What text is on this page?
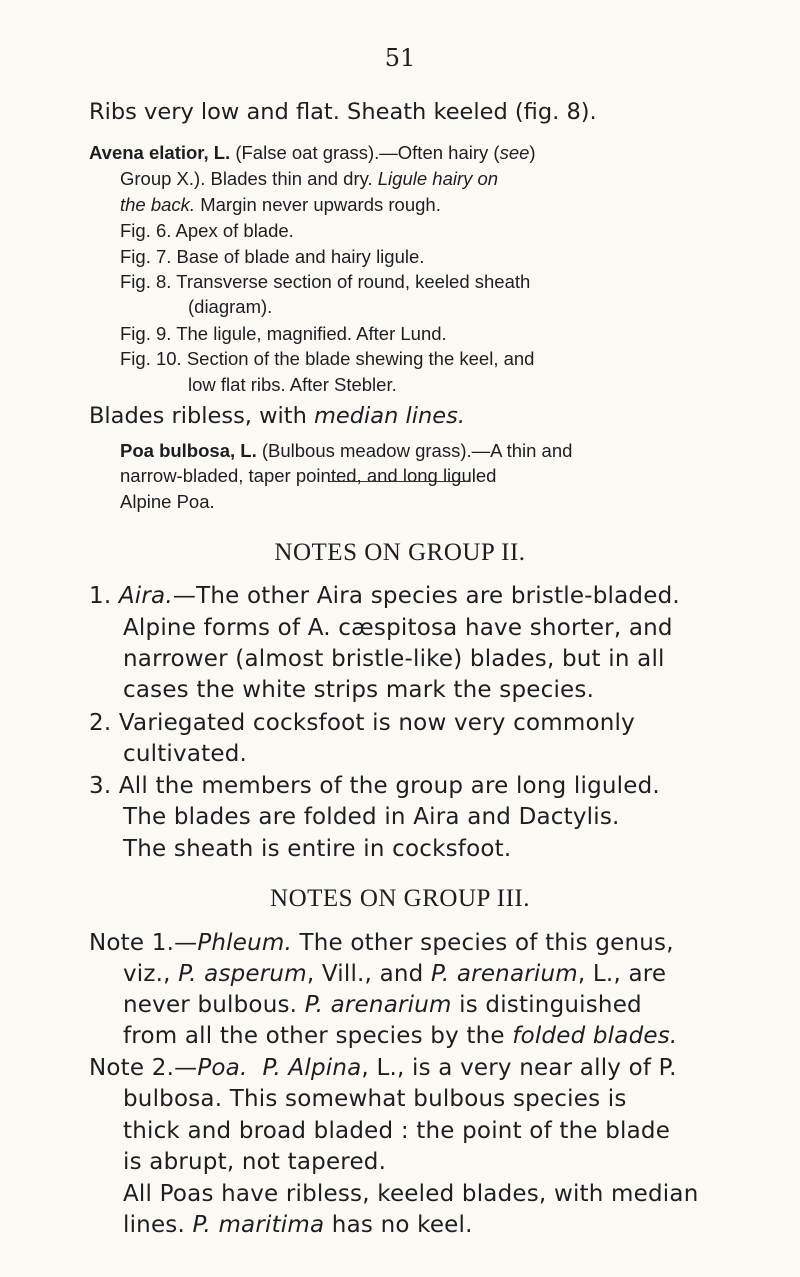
51

Ribs very low and flat. Sheath keeled (fig. 8).

Avena elatior, L. (False oat grass).—Often hairy (see)

Group X.). Blades thin and dry. Ligule hairy on

the back. Margin never upwards rough.

Fig. 6. Apex of blade.

Fig. 7. Base of blade and hairy ligule.

Fig. 8. Transverse section of round, keeled sheath

(diagram).

Fig. 9. The ligule, magnified. After Lund.

Fig. 10. Section of the blade shewing the keel, and

low flat ribs. After Stebler.

Blades ribless, with median lines.

Poa bulbosa, L. (Bulbous meadow grass).—A thin and

narrow-bladed, taper pointed, and long liguled

Alpine Poa.

NOTES ON GROUP II.

1. Aira.—The other Aira species are bristle-bladed.

Alpine forms of A. cæspitosa have shorter, and

narrower (almost bristle-like) blades, but in all

cases the white strips mark the species.

2. Variegated cocksfoot is now very commonly

cultivated.

3. All the members of the group are long liguled.

The blades are folded in Aira and Dactylis.

The sheath is entire in cocksfoot.

NOTES ON GROUP III.

Note 1.—Phleum. The other species of this genus,

viz., P. asperum, Vill., and P. arenarium, L., are

never bulbous. P. arenarium is distinguished

from all the other species by the folded blades.

Note 2.—Poa. P. Alpina, L., is a very near ally of P.

bulbosa. This somewhat bulbous species is

thick and broad bladed : the point of the blade

is abrupt, not tapered.

All Poas have ribless, keeled blades, with median

lines. P. maritima has no keel.
